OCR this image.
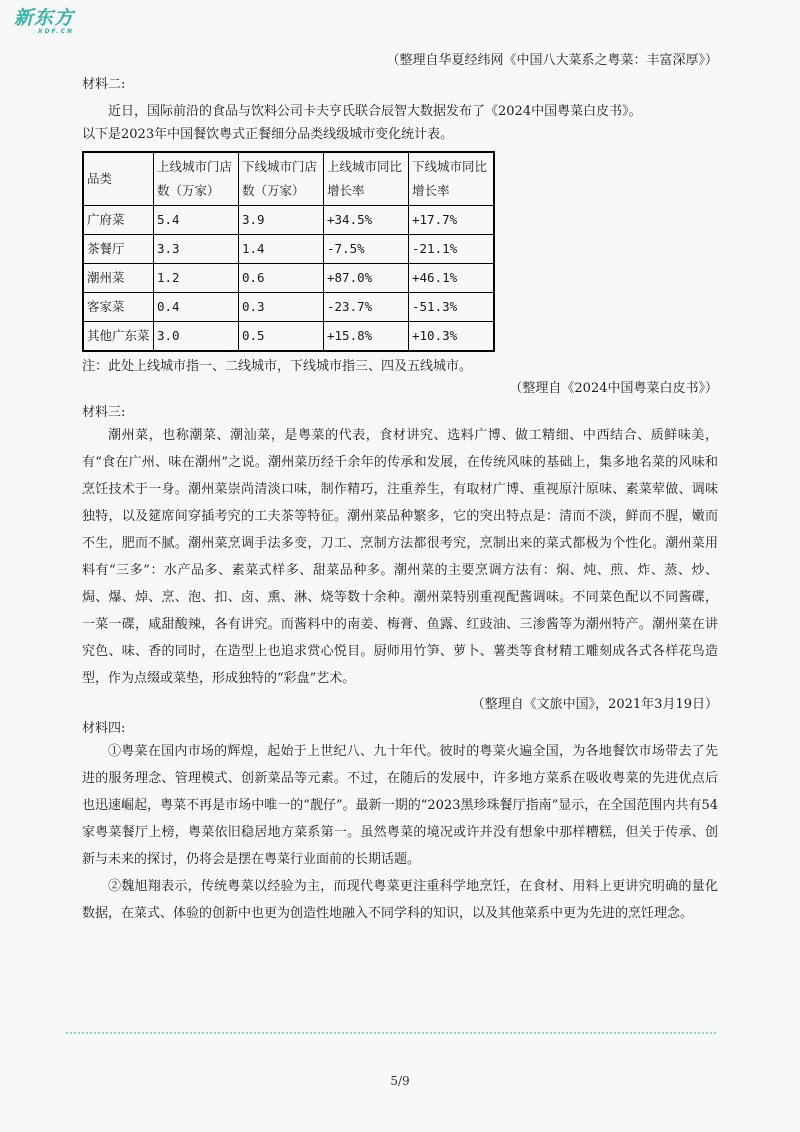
新东方
XDF.CN
（整理自华夏经纬网《中国八大菜系之粤菜：丰富深厚》）
材料二:
近日，国际前沿的食品与饮料公司卡夫亨氏联合辰智大数据发布了《2024中国粤菜白皮书》。
以下是2023年中国餐饮粤式正餐细分品类线级城市变化统计表。
品类	上线城市门店数（万家）	下线城市门店数（万家）	上线城市同比增长率	下线城市同比增长率
广府菜	5.4	3.9	+34.5%	+17.7%
茶餐厅	3.3	1.4	-7.5%	-21.1%
潮州菜	1.2	0.6	+87.0%	+46.1%
客家菜	0.4	0.3	-23.7%	-51.3%
其他广东菜	3.0	0.5	+15.8%	+10.3%
注：此处上线城市指一、二线城市，下线城市指三、四及五线城市。
（整理自《2024中国粤菜白皮书》）
材料三:
潮州菜，也称潮菜、潮汕菜，是粤菜的代表，食材讲究、选料广博、做工精细、中西结合、质鲜味美，有“食在广州、味在潮州”之说。潮州菜历经千余年的传承和发展，在传统风味的基础上，集多地名菜的风味和烹饪技术于一身。潮州菜崇尚清淡口味，制作精巧，注重养生，有取材广博、重视原汁原味、素菜荤做、调味独特，以及筵席间穿插考究的工夫茶等特征。潮州菜品种繁多，它的突出特点是：清而不淡，鲜而不腥，嫩而不生，肥而不腻。潮州菜烹调手法多变，刀工、烹制方法都很考究，烹制出来的菜式都极为个性化。潮州菜用料有“三多”：水产品多、素菜式样多、甜菜品种多。潮州菜的主要烹调方法有：焖、炖、煎、炸、蒸、炒、焗、爆、焯、烹、泡、扣、卤、熏、淋、烧等数十余种。潮州菜特别重视配酱调味。不同菜色配以不同酱碟，一菜一碟，咸甜酸辣，各有讲究。而酱料中的南姜、梅膏、鱼露、红豉油、三渗酱等为潮州特产。潮州菜在讲究色、味、香的同时，在造型上也追求赏心悦目。厨师用竹笋、萝卜、薯类等食材精工雕刻成各式各样花鸟造型，作为点缀或菜垫，形成独特的“彩盘”艺术。
（整理自《文旅中国》，2021年3月19日）
材料四:
①粤菜在国内市场的辉煌，起始于上世纪八、九十年代。彼时的粤菜火遍全国，为各地餐饮市场带去了先进的服务理念、管理模式、创新菜品等元素。不过，在随后的发展中，许多地方菜系在吸收粤菜的先进优点后也迅速崛起，粤菜不再是市场中唯一的“靓仔”。最新一期的“2023黑珍珠餐厅指南”显示，在全国范围内共有54家粤菜餐厅上榜，粤菜依旧稳居地方菜系第一。虽然粤菜的境况或许并没有想象中那样糟糕，但关于传承、创新与未来的探讨，仍将会是摆在粤菜行业面前的长期话题。
②魏旭翔表示，传统粤菜以经验为主，而现代粤菜更注重科学地烹饪，在食材、用料上更讲究明确的量化数据，在菜式、体验的创新中也更为创造性地融入不同学科的知识，以及其他菜系中更为先进的烹饪理念。
5/9
